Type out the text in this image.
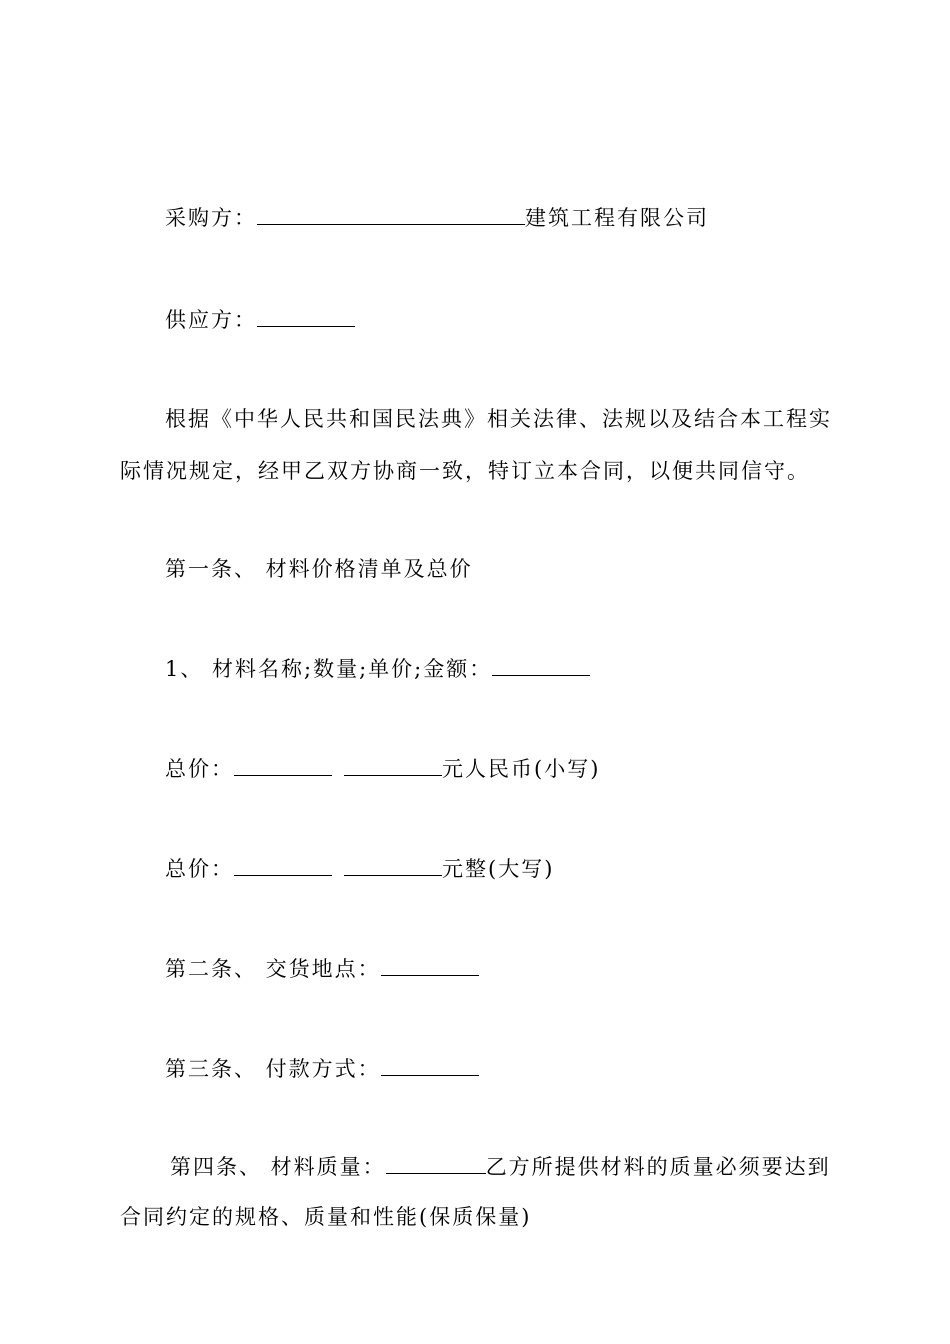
采购方：	建筑工程有限公司
供应方：
根据《中华人民共和国民法典》相关法律、法规以及结合本工程实
际情况规定，经甲乙双方协商一致，特订立本合同，以便共同信守。
第一条、 材料价格清单及总价
1、 材料名称;数量;单价;金额：
总价：	元人民币(小写)
总价：	元整(大写)
第二条、 交货地点：
第三条、 付款方式：
第四条、 材料质量：	乙方所提供材料的质量必须要达到
合同约定的规格、质量和性能(保质保量)
